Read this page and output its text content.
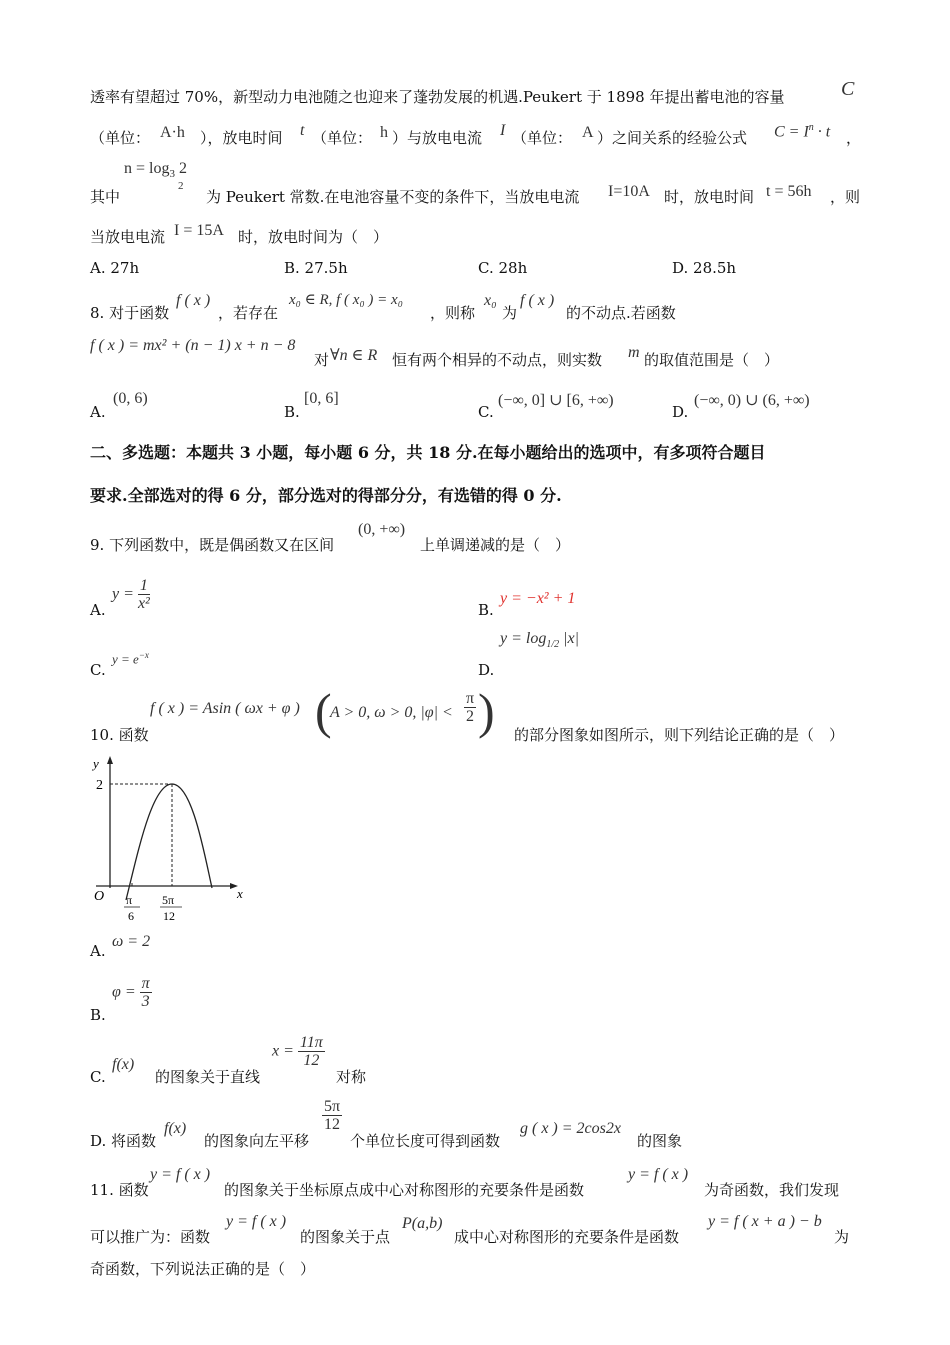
透率有望超过 70%，新型动力电池随之也迎来了蓬勃发展的机遇.Peukert 于 1898 年提出蓄电池的容量	C
（单位： A·h ），放电时间 t （单位： h ）与放电电流 I （单位： A ）之间关系的经验公式 $C = I^n \cdot t$ ，
$n = \log_3 2$
2
其中	为 Peukert 常数.在电池容量不变的条件下，当放电电流 I=10A 时，放电时间 t = 56h ，则
当放电电流 I = 15A 时，放电时间为（　）
A. 27h	B. 27.5h	C. 28h	D. 28.5h
8. 对于函数
f ( x )
，若存在
x₀ ∈ R, f ( x₀ ) = x₀
，则称
x₀
为
f ( x )
的不动点.若函数
f ( x ) = mx² + (n − 1) x + n − 8
对 ∀n ∈ R 恒有两个相异的不动点，则实数 m 的取值范围是（　）
A.
(0, 6)
B.
[0, 6]
C.
(−∞, 0] ∪ [6, +∞)
D.
(−∞, 0) ∪ (6, +∞)
二、多选题：本题共 3 小题，每小题 6 分，共 18 分.在每小题给出的选项中，有多项符合题目
要求.全部选对的得 6 分，部分选对的得部分分，有选错的得 0 分.
9. 下列函数中，既是偶函数又在区间
(0, +∞)
上单调递减的是（　）
A.
$y = \frac{1}{\text{x²}}$	B.
y = −x² + 1
C.
$y = e^{-x}$
D.
$y = \log_{1/2} |x|$
10. 函数
f ( x ) = Asin ( ωx + φ ) (
A > 0, ω > 0, $|\varphi| < \frac{\pi}{2}$ ) 的部分图象如图所示，则下列结论正确的是（　）
y
x
O
2
π
6
5π
12
A.
ω = 2
B.
$\varphi = \frac{\pi}{3}$
C.
f(x)
的图象关于直线
$x = \frac{11\pi}{12}$
对称
D. 将函数
f(x)
的图象向左平移
$\frac{5\pi}{12}$
个单位长度可得到函数
g ( x ) = 2cos2x
的图象
11. 函数
y = f ( x )
的图象关于坐标原点成中心对称图形的充要条件是函数
y = f ( x )
为奇函数，我们发现
可以推广为：函数
y = f ( x )
的图象关于点
P(a,b)
成中心对称图形的充要条件是函数
y = f ( x + a ) − b
为
奇函数，下列说法正确的是（　）
